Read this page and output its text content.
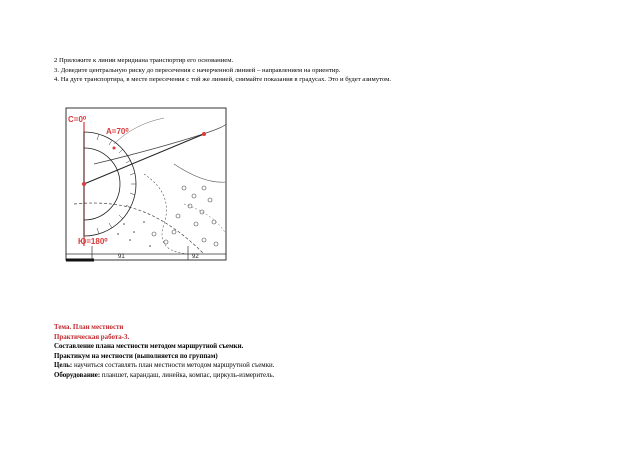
2 Приложите к линии меридиана транспортир его основанием.
3. Доведите центральную риску до пересечения с начерченной линией – направлением на ориентир.
4. На дуге транспортира, в месте пересечения с той же линией, снимайте показания в градусах. Это и будет азимутом.
С=0⁰
А=70⁰
Ю=180⁰
91	92
Тема. План местности
Практическая работа-3.
Составление плана местности методом маршрутной съемки.
Практикум на местности (выполняется по группам)
Цель: научиться составлять план местности методом маршрутной съемки.
Оборудование: планшет, карандаш, линейка, компас, циркуль-измеритель.
